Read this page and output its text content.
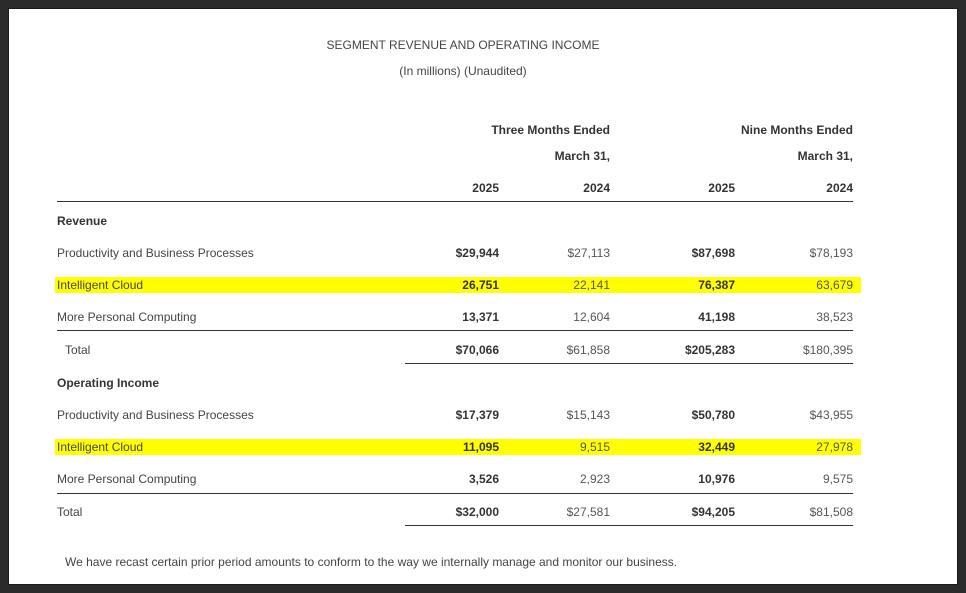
SEGMENT REVENUE AND OPERATING INCOME
(In millions) (Unaudited)
Three Months Ended
March 31,
Nine Months Ended
March 31,
2025	2024	2025	2024
Revenue
Productivity and Business Processes	$29,944	$27,113	$87,698	$78,193
Intelligent Cloud	26,751	22,141	76,387	63,679
More Personal Computing	13,371	12,604	41,198	38,523
Total	$70,066	$61,858	$205,283	$180,395
Operating Income
Productivity and Business Processes	$17,379	$15,143	$50,780	$43,955
Intelligent Cloud	11,095	9,515	32,449	27,978
More Personal Computing	3,526	2,923	10,976	9,575
Total	$32,000	$27,581	$94,205	$81,508
We have recast certain prior period amounts to conform to the way we internally manage and monitor our business.
